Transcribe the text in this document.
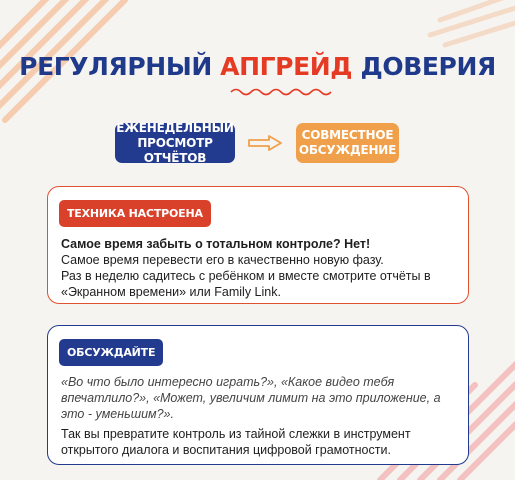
РЕГУЛЯРНЫЙ АПГРЕЙД ДОВЕРИЯ
ЕЖЕНЕДЕЛЬНЫЙ ПРОСМОТР ОТЧЁТОВ
СОВМЕСТНОЕ ОБСУЖДЕНИЕ
ТЕХНИКА НАСТРОЕНА
Самое время забыть о тотальном контроле? Нет!
Самое время перевести его в качественно новую фазу.
Раз в неделю садитесь с ребёнком и вместе смотрите отчёты в «Экранном времени» или Family Link.
ОБСУЖДАЙТЕ
«Во что было интересно играть?», «Какое видео тебя впечатлило?», «Может, увеличим лимит на это приложение, а это - уменьшим?».
Так вы превратите контроль из тайной слежки в инструмент открытого диалога и воспитания цифровой грамотности.
